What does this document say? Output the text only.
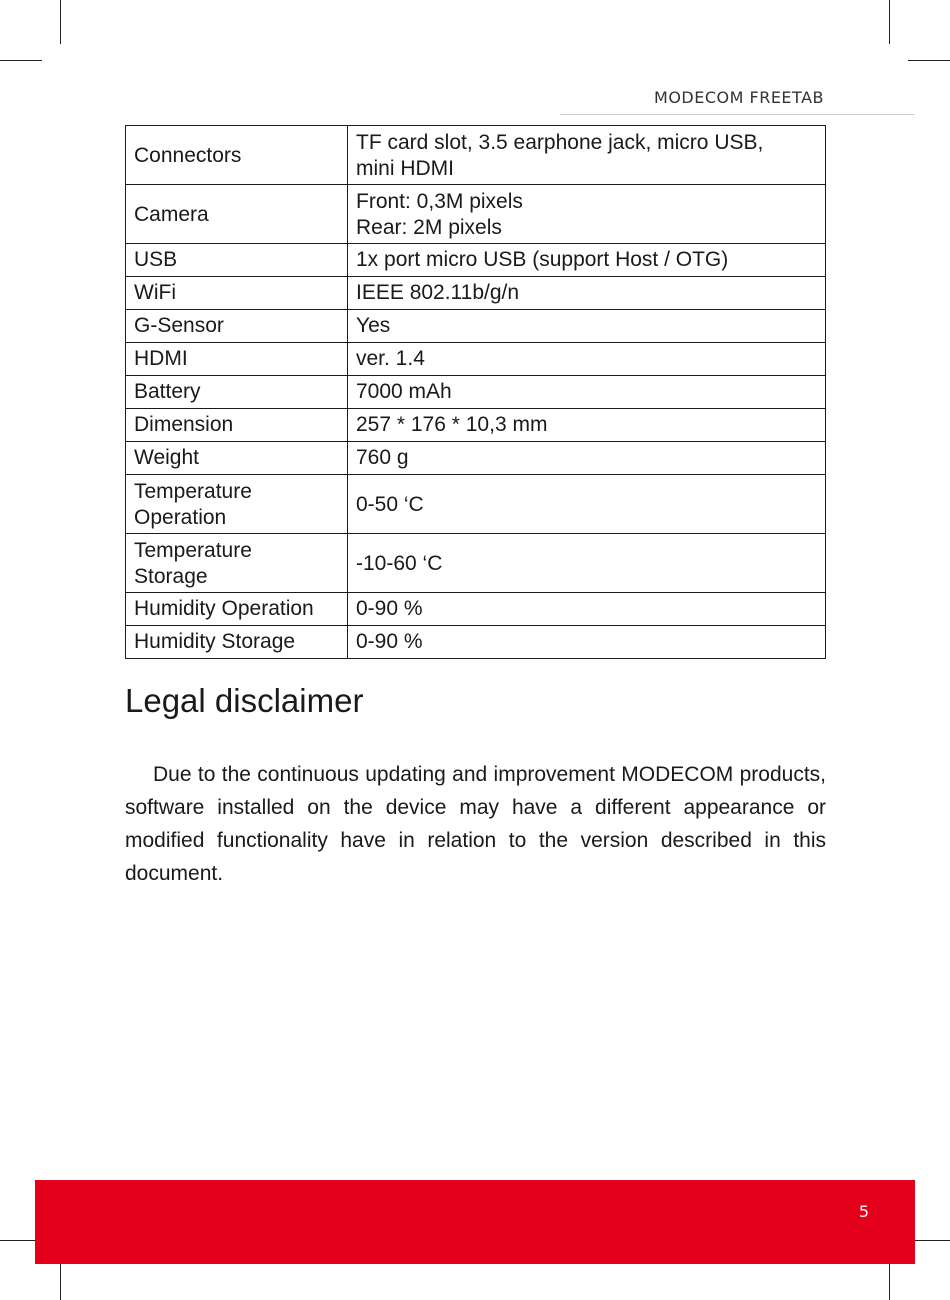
MODECOM FREETAB
Connectors	TF card slot, 3.5 earphone jack, micro USB,
mini HDMI

Camera	Front: 0,3M pixels
Rear: 2M pixels

USB	1x port micro USB (support Host / OTG)
WiFi	IEEE 802.11b/g/n
G-Sensor	Yes
HDMI	ver. 1.4
Battery	7000 mAh
Dimension	257 * 176 * 10,3 mm
Weight	760 g

Temperature
Operation	0-50 ‘C

Temperature
Storage	-10-60 ‘C
Humidity Operation	0-90 %
Humidity Storage	0-90 %
Legal disclaimer

Due to the continuous updating and improvement MODECOM products, software installed on the device may have a different appearance or modified functionality have in relation to the version described in this document.

5
